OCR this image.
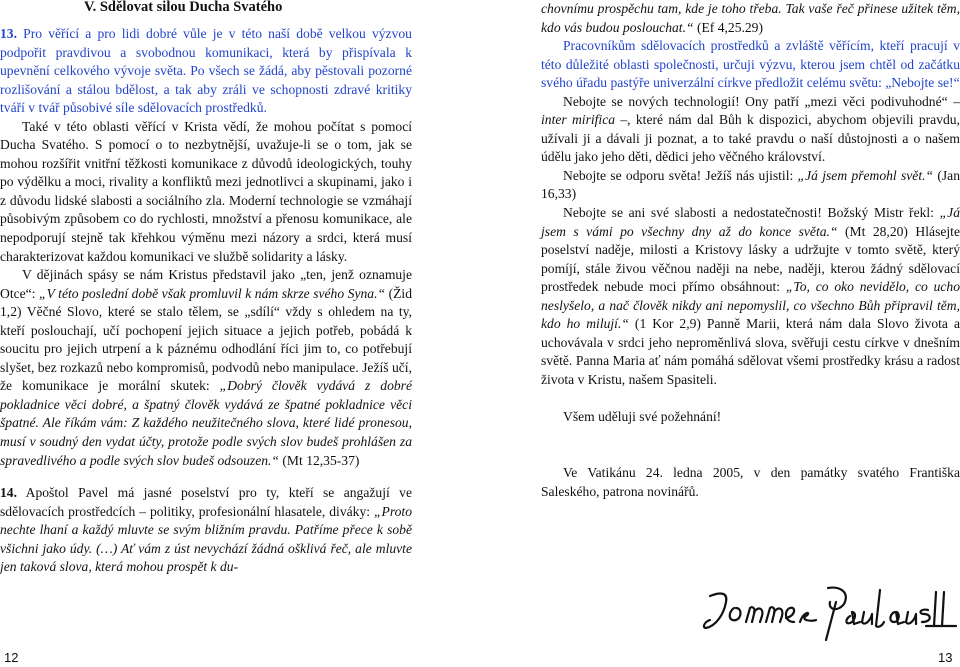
V. Sdělovat silou Ducha Svatého

13. Pro věřící a pro lidi dobré vůle je v této naší době velkou výzvou podpořit pravdivou a svobodnou komunikaci, která by přispívala k upevnění celkového vývoje světa. Po všech se žádá, aby pěstovali pozorné rozlišování a stálou bdělost, a tak aby zráli ve schopnosti zdravé kritiky tváří v tvář působivé síle sdělovacích prostředků.

Také v této oblasti věřící v Krista vědí, že mohou počítat s pomocí Ducha Svatého. S pomocí o to nezbytnější, uvažuje-li se o tom, jak se mohou rozšířit vnitřní těžkosti komunikace z důvodů ideologických, touhy po výdělku a moci, rivality a konfliktů mezi jednotlivci a skupinami, jako i z důvodu lidské slabosti a sociálního zla. Moderní technologie se vzmáhají působivým způsobem co do rychlosti, množství a přenosu komunikace, ale nepodporují stejně tak křehkou výměnu mezi názory a srdci, která musí charakterizovat každou komunikaci ve službě solidarity a lásky.

V dějinách spásy se nám Kristus představil jako „ten, jenž oznamuje Otce“: „V této poslední době však promluvil k nám skrze svého Syna.“ (Žid 1,2) Věčné Slovo, které se stalo tělem, se „sdílí“ vždy s ohledem na ty, kteří poslouchají, učí pochopení jejich situace a jejich potřeb, pobádá k soucitu pro jejich utrpení a k páznému odhodlání říci jim to, co potřebují slyšet, bez rozkazů nebo kompromisů, podvodů nebo manipulace. Ježíš učí, že komunikace je morální skutek: „Dobrý člověk vydává z dobré pokladnice věci dobré, a špatný člověk vydává ze špatné pokladnice věci špatné. Ale říkám vám: Z každého neužitečného slova, které lidé pronesou, musí v soudný den vydat účty, protože podle svých slov budeš prohlášen za spravedlivého a podle svých slov budeš odsouzen.“ (Mt 12,35-37)

14. Apoštol Pavel má jasné poselství pro ty, kteří se angažují ve sdělovacích prostředcích – politiky, profesionální hlasatele, diváky: „Proto nechte lhaní a každý mluvte se svým bližním pravdu. Patříme přece k sobě všichni jako údy. (…) Ať vám z úst nevychází žádná ošklivá řeč, ale mluvte jen taková slova, která mohou prospět k du-

chovnímu prospěchu tam, kde je toho třeba. Tak vaše řeč přinese užitek těm, kdo vás budou poslouchat.“ (Ef 4,25.29)

Pracovníkům sdělovacích prostředků a zvláště věřícím, kteří pracují v této důležité oblasti společnosti, určuji výzvu, kterou jsem chtěl od začátku svého úřadu pastýře univerzální církve předložit celému světu: „Nebojte se!“

Nebojte se nových technologií! Ony patří „mezi věci podivuhodné“ – inter mirifica –, které nám dal Bůh k dispozici, abychom objevili pravdu, užívali ji a dávali ji poznat, a to také pravdu o naší důstojnosti a o našem údělu jako jeho děti, dědici jeho věčného království.

Nebojte se odporu světa! Ježíš nás ujistil: „Já jsem přemohl svět.“ (Jan 16,33)

Nebojte se ani své slabosti a nedostatečnosti! Božský Mistr řekl: „Já jsem s vámi po všechny dny až do konce světa.“ (Mt 28,20) Hlásejte poselství naděje, milosti a Kristovy lásky a udržujte v tomto světě, který pomíjí, stále živou věčnou naději na nebe, naději, kterou žádný sdělovací prostředek nebude moci přímo obsáhnout: „To, co oko nevidělo, co ucho neslyšelo, a nač člověk nikdy ani nepomyslil, co všechno Bůh připravil těm, kdo ho milují.“ (1 Kor 2,9) Panně Marii, která nám dala Slovo života a uchovávala v srdci jeho neproměnlivá slova, svěřuji cestu církve v dnešním světě. Panna Maria ať nám pomáhá sdělovat všemi prostředky krásu a radost života v Kristu, našem Spasiteli.

Všem uděluji své požehnání!

Ve Vatikánu 24. ledna 2005, v den památky svatého Františka Saleského, patrona novinářů.

12	13
